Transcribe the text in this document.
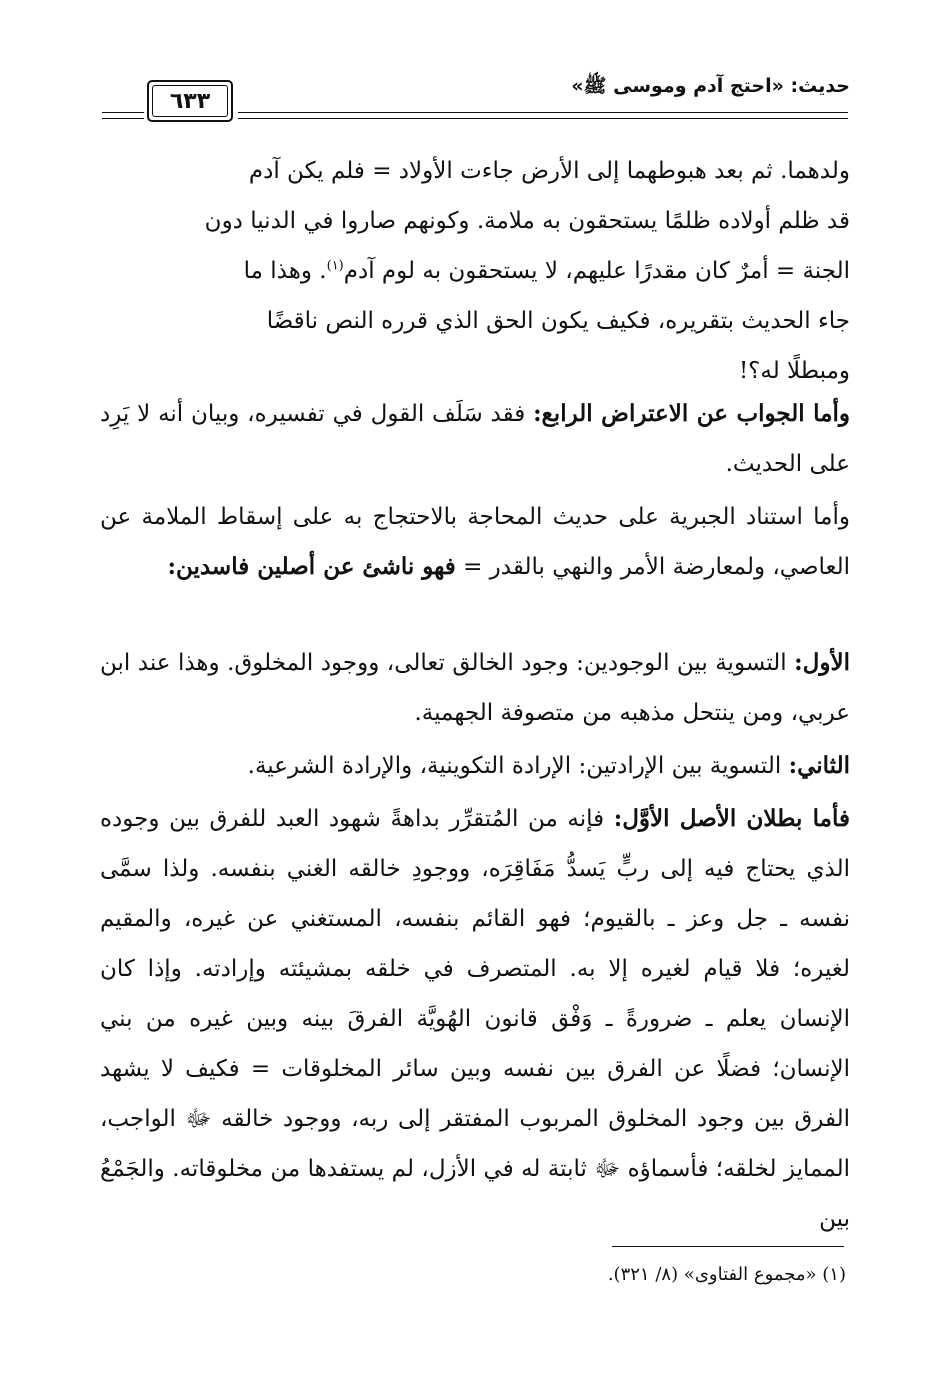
حديث: «احتج آدم وموسى ﷺ»
٦٣٣
ولدهما. ثم بعد هبوطهما إلى الأرض جاءت الأولاد = فلم يكن آدم
قد ظلم أولاده ظلمًا يستحقون به ملامة. وكونهم صاروا في الدنيا دون
الجنة = أمرٌ كان مقدرًا عليهم، لا يستحقون به لوم آدم$^{(١)}$. وهذا ما
جاء الحديث بتقريره، فكيف يكون الحق الذي قرره النص ناقضًا
ومبطلًا له؟!
وأما الجواب عن الاعتراض الرابع: فقد سَلَف القول في تفسيره، وبيان أنه لا يَرِد على الحديث.
وأما استناد الجبرية على حديث المحاجة بالاحتجاج به على إسقاط الملامة عن العاصي، ولمعارضة الأمر والنهي بالقدر = فهو ناشئ عن أصلين فاسدين:
الأول: التسوية بين الوجودين: وجود الخالق تعالى، ووجود المخلوق. وهذا عند ابن عربي، ومن ينتحل مذهبه من متصوفة الجهمية.
الثاني: التسوية بين الإرادتين: الإرادة التكوينية، والإرادة الشرعية.
فأما بطلان الأصل الأوَّل: فإنه من المُتقرِّر بداهةً شهود العبد للفرق بين وجوده الذي يحتاج فيه إلى ربٍّ يَسدُّ مَفَاقِرَه، ووجودِ خالقه الغني بنفسه. ولذا سمَّى نفسه ـ جل وعز ـ بالقيوم؛ فهو القائم بنفسه، المستغني عن غيره، والمقيم لغيره؛ فلا قيام لغيره إلا به. المتصرف في خلقه بمشيئته وإرادته. وإذا كان الإنسان يعلم ـ ضرورةً ـ وَفْق قانون الهُويَّة الفرقَ بينه وبين غيره من بني الإنسان؛ فضلًا عن الفرق بين نفسه وبين سائر المخلوقات = فكيف لا يشهد الفرق بين وجود المخلوق المربوب المفتقر إلى ربه، ووجود خالقه ﷻ الواجب، الممايز لخلقه؛ فأسماؤه ﷻ ثابتة له في الأزل، لم يستفدها من مخلوقاته. والجَمْعُ بين
(١) «مجموع الفتاوى» (٨/ ٣٢١).
